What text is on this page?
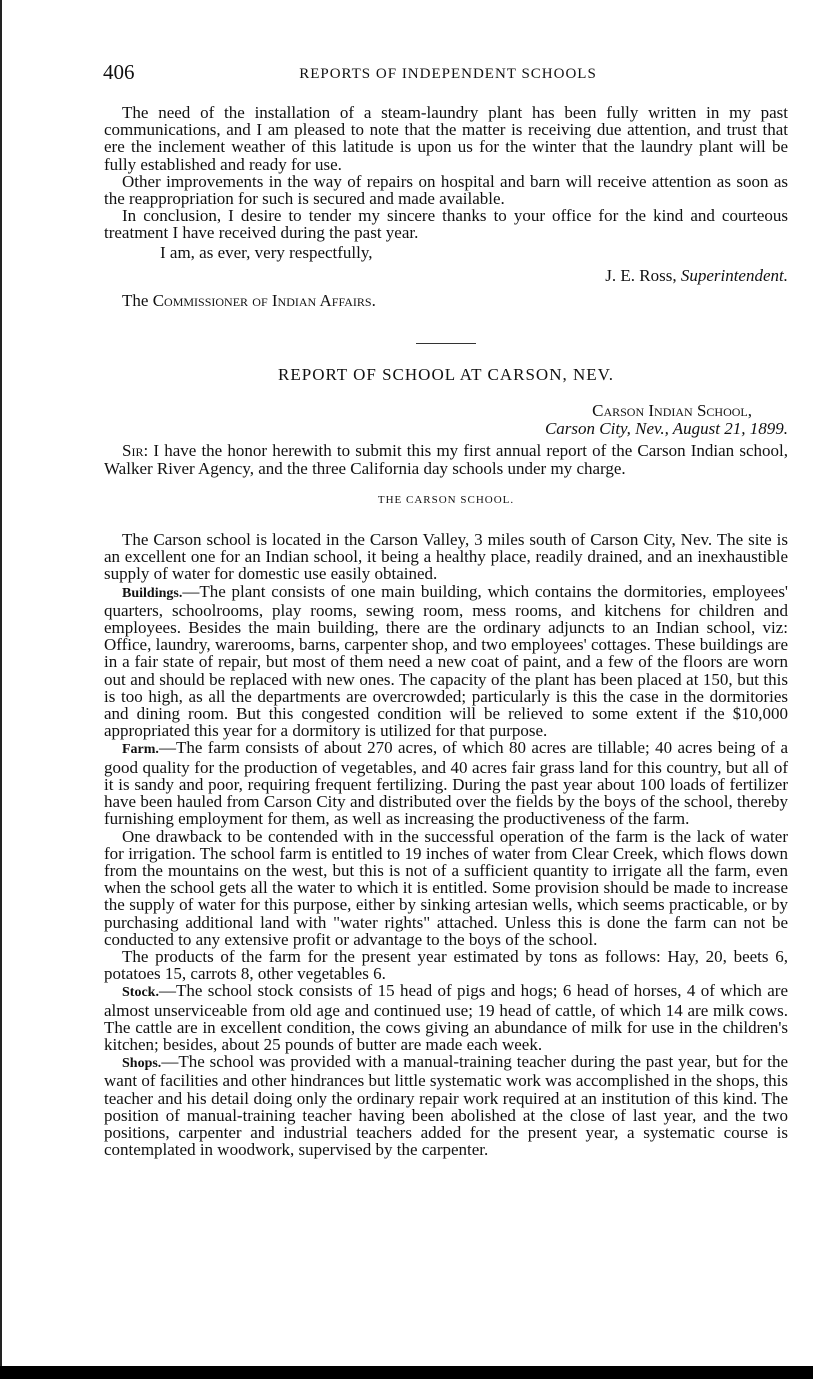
406	REPORTS OF INDEPENDENT SCHOOLS

The need of the installation of a steam-laundry plant has been fully written in my past communications, and I am pleased to note that the matter is receiving due attention, and trust that ere the inclement weather of this latitude is upon us for the winter that the laundry plant will be fully established and ready for use.

Other improvements in the way of repairs on hospital and barn will receive attention as soon as the reappropriation for such is secured and made available.

In conclusion, I desire to tender my sincere thanks to your office for the kind and courteous treatment I have received during the past year.

I am, as ever, very respectfully,

J. E. Ross, Superintendent.

The Commissioner of Indian Affairs.

REPORT OF SCHOOL AT CARSON, NEV.
Carson Indian School,
Carson City, Nev., August 21, 1899.

Sir: I have the honor herewith to submit this my first annual report of the Carson Indian school, Walker River Agency, and the three California day schools under my charge.

THE CARSON SCHOOL.

The Carson school is located in the Carson Valley, 3 miles south of Carson City, Nev. The site is an excellent one for an Indian school, it being a healthy place, readily drained, and an inexhaustible supply of water for domestic use easily obtained.

Buildings.—The plant consists of one main building, which contains the dormitories, employees' quarters, schoolrooms, play rooms, sewing room, mess rooms, and kitchens for children and employees. Besides the main building, there are the ordinary adjuncts to an Indian school, viz: Office, laundry, warerooms, barns, carpenter shop, and two employees' cottages. These buildings are in a fair state of repair, but most of them need a new coat of paint, and a few of the floors are worn out and should be replaced with new ones. The capacity of the plant has been placed at 150, but this is too high, as all the departments are overcrowded; particularly is this the case in the dormitories and dining room. But this congested condition will be relieved to some extent if the $10,000 appropriated this year for a dormitory is utilized for that purpose.

Farm.—The farm consists of about 270 acres, of which 80 acres are tillable; 40 acres being of a good quality for the production of vegetables, and 40 acres fair grass land for this country, but all of it is sandy and poor, requiring frequent fertilizing. During the past year about 100 loads of fertilizer have been hauled from Carson City and distributed over the fields by the boys of the school, thereby furnishing employment for them, as well as increasing the productiveness of the farm.

One drawback to be contended with in the successful operation of the farm is the lack of water for irrigation. The school farm is entitled to 19 inches of water from Clear Creek, which flows down from the mountains on the west, but this is not of a sufficient quantity to irrigate all the farm, even when the school gets all the water to which it is entitled. Some provision should be made to increase the supply of water for this purpose, either by sinking artesian wells, which seems practicable, or by purchasing additional land with "water rights" attached. Unless this is done the farm can not be conducted to any extensive profit or advantage to the boys of the school.

The products of the farm for the present year estimated by tons as follows: Hay, 20, beets 6, potatoes 15, carrots 8, other vegetables 6.

Stock.—The school stock consists of 15 head of pigs and hogs; 6 head of horses, 4 of which are almost unserviceable from old age and continued use; 19 head of cattle, of which 14 are milk cows. The cattle are in excellent condition, the cows giving an abundance of milk for use in the children's kitchen; besides, about 25 pounds of butter are made each week.

Shops.—The school was provided with a manual-training teacher during the past year, but for the want of facilities and other hindrances but little systematic work was accomplished in the shops, this teacher and his detail doing only the ordinary repair work required at an institution of this kind. The position of manual-training teacher having been abolished at the close of last year, and the two positions, carpenter and industrial teachers added for the present year, a systematic course is contemplated in woodwork, supervised by the carpenter.
